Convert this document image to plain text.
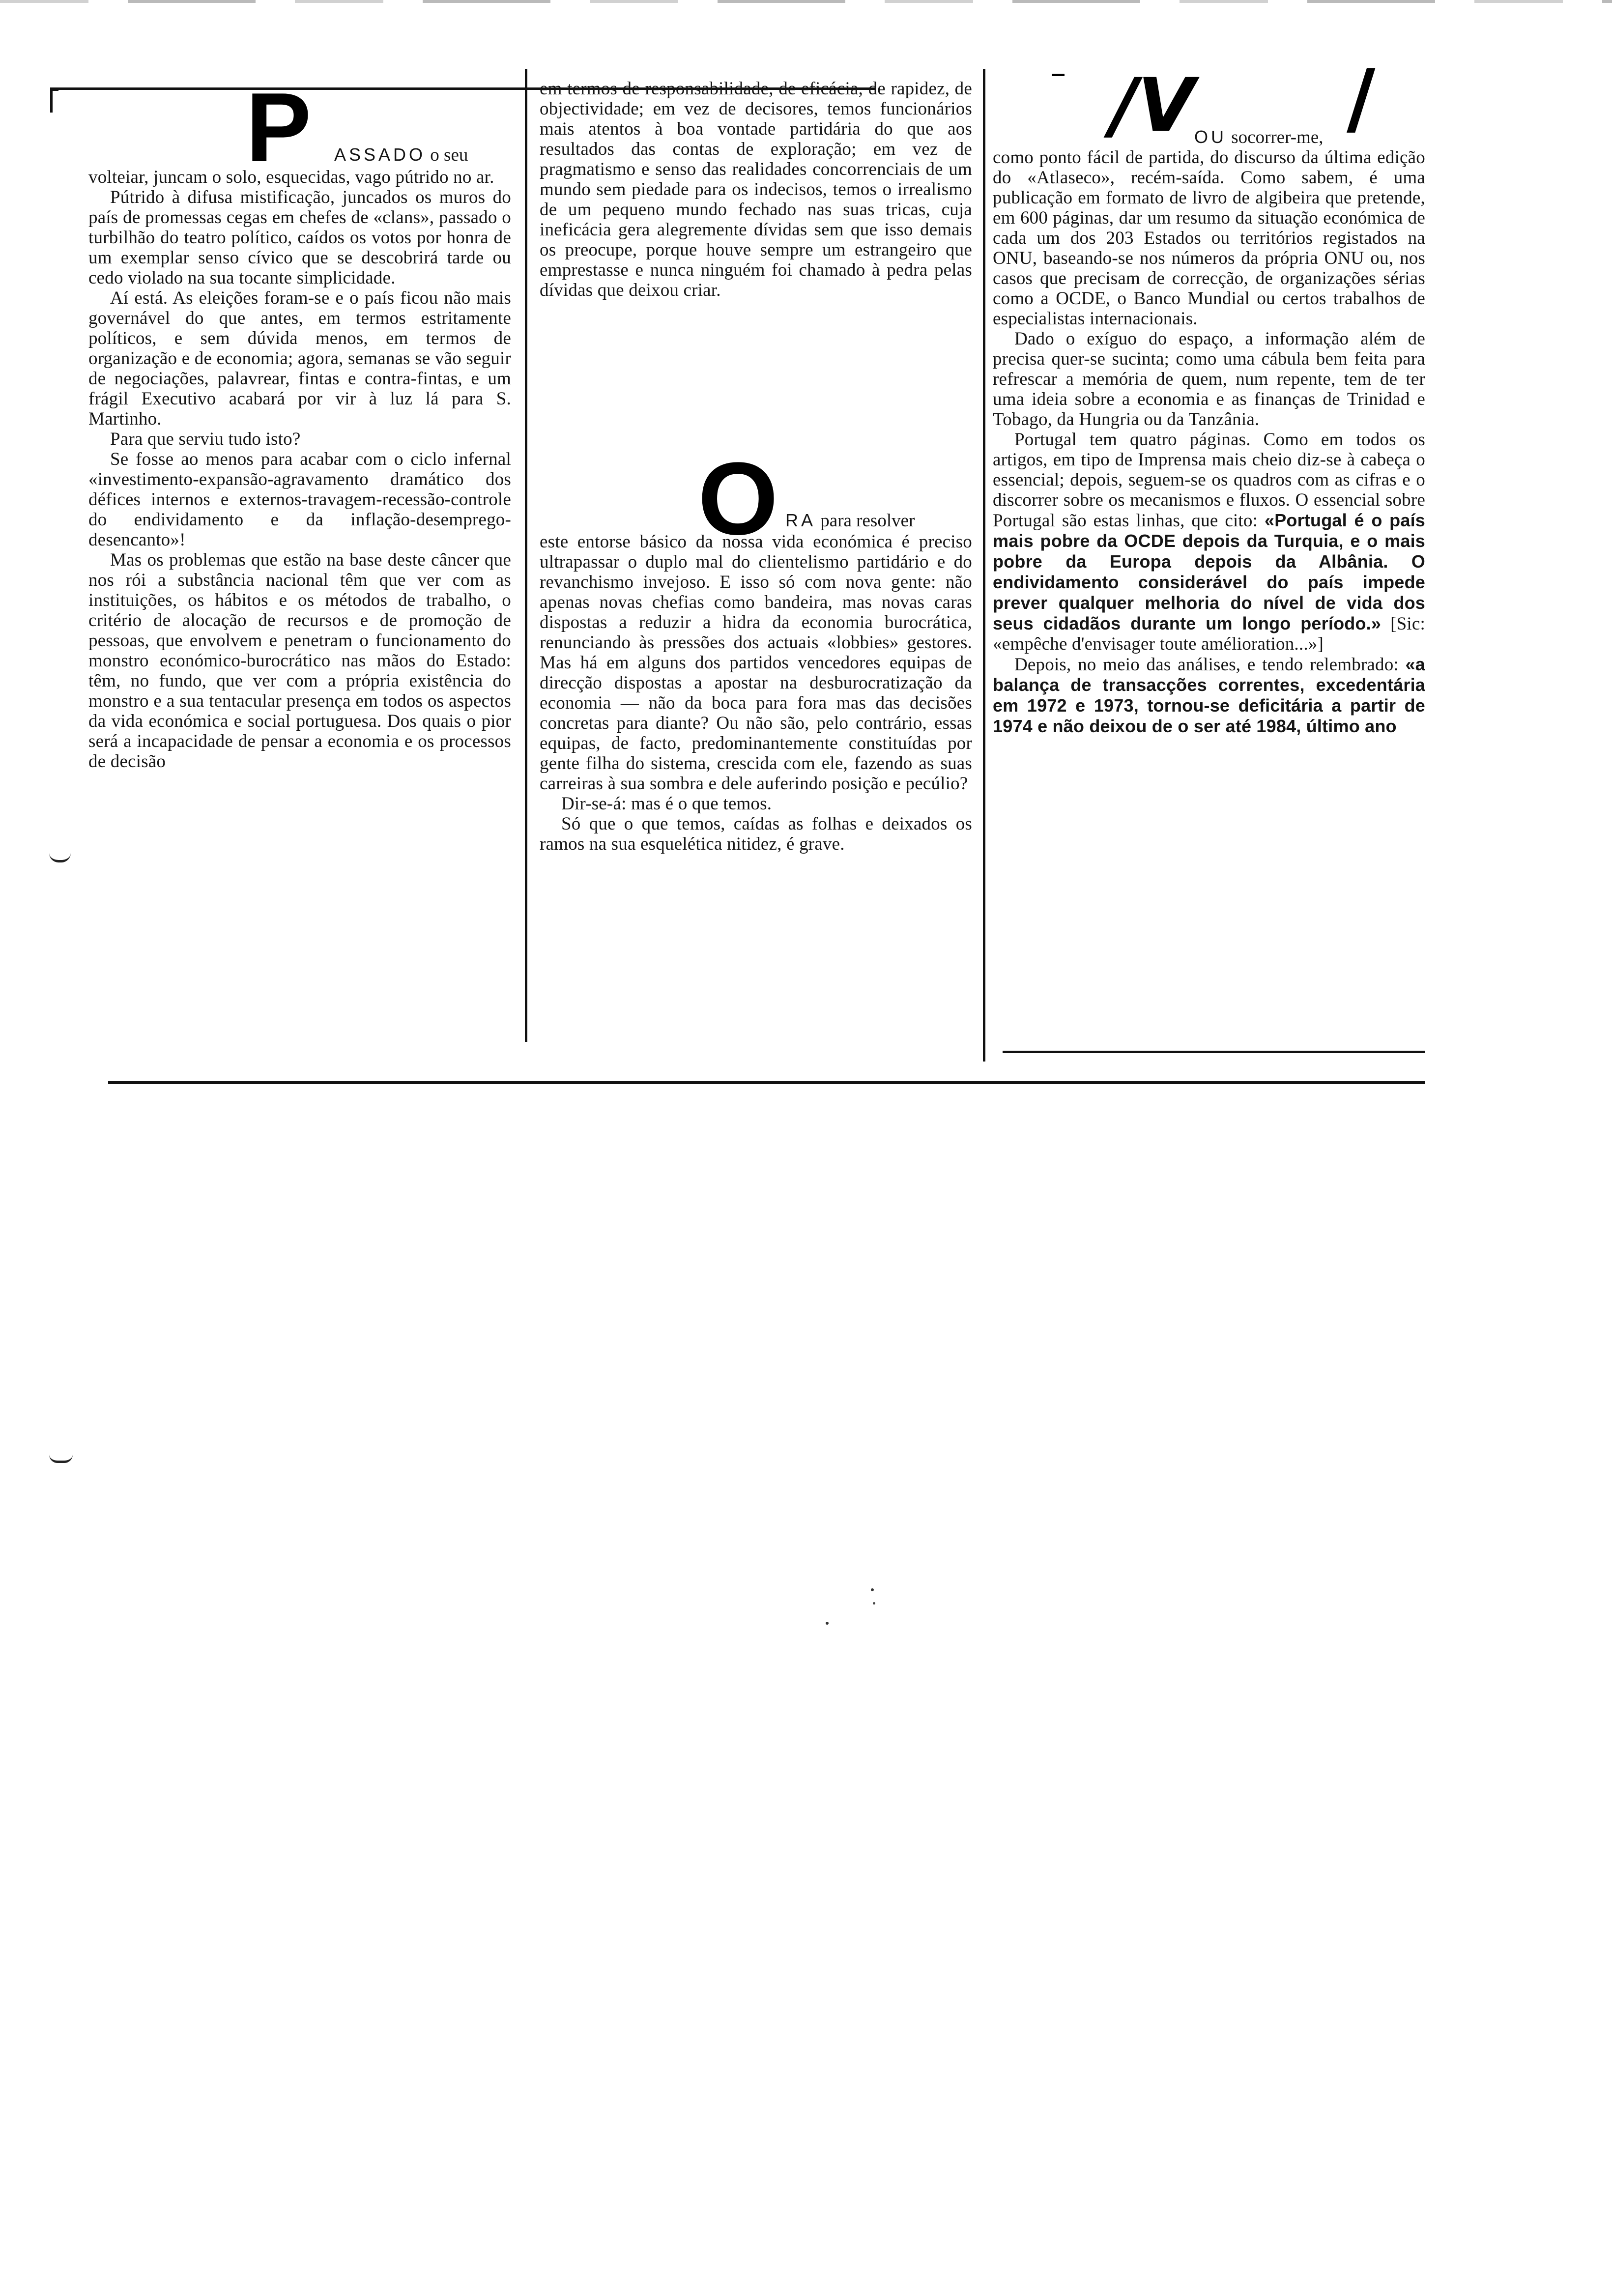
P ASSADO o seu

volteiar, juncam o solo, esquecidas, vago pútrido no ar.

Pútrido à difusa mistificação, juncados os muros do país de promessas cegas em chefes de «clans», passado o turbilhão do teatro político, caídos os votos por honra de um exemplar senso cívico que se descobrirá tarde ou cedo violado na sua tocante simplicidade.

Aí está. As eleições foram-se e o país ficou não mais governável do que antes, em termos estritamente políticos, e sem dúvida menos, em termos de organização e de economia; agora, semanas se vão seguir de negociações, palavrear, fintas e contra-fintas, e um frágil Executivo acabará por vir à luz lá para S. Martinho.

Para que serviu tudo isto?

Se fosse ao menos para acabar com o ciclo infernal «investimento-expansão-agravamento dramático dos défices internos e externos-travagem-recessão-controle do endividamento e da inflação-desemprego-desencanto»!

Mas os problemas que estão na base deste câncer que nos rói a substância nacional têm que ver com as instituições, os hábitos e os métodos de trabalho, o critério de alocação de recursos e de promoção de pessoas, que envolvem e penetram o funcionamento do monstro económico-burocrático nas mãos do Estado: têm, no fundo, que ver com a própria existência do monstro e a sua tentacular presença em todos os aspectos da vida económica e social portuguesa. Dos quais o pior será a incapacidade de pensar a economia e os processos de decisão

em termos de responsabilidade, de eficácia, de rapidez, de objectividade; em vez de decisores, temos funcionários mais atentos à boa vontade partidária do que aos resultados das contas de exploração; em vez de pragmatismo e senso das realidades concorrenciais de um mundo sem piedade para os indecisos, temos o irrealismo de um pequeno mundo fechado nas suas tricas, cuja ineficácia gera alegremente dívidas sem que isso demais os preocupe, porque houve sempre um estrangeiro que emprestasse e nunca ninguém foi chamado à pedra pelas dívidas que deixou criar.

O RA para resolver

este entorse básico da nossa vida económica é preciso ultrapassar o duplo mal do clientelismo partidário e do revanchismo invejoso. E isso só com nova gente: não apenas novas chefias como bandeira, mas novas caras dispostas a reduzir a hidra da economia burocrática, renunciando às pressões dos actuais «lobbies» gestores. Mas há em alguns dos partidos vencedores equipas de direcção dispostas a apostar na desburocratização da economia — não da boca para fora mas das decisões concretas para diante? Ou não são, pelo contrário, essas equipas, de facto, predominantemente constituídas por gente filha do sistema, crescida com ele, fazendo as suas carreiras à sua sombra e dele auferindo posição e pecúlio?

Dir-se-á: mas é o que temos.

Só que o que temos, caídas as folhas e deixados os ramos na sua esquelética nitidez, é grave.

/V /
OU socorrer-me,

como ponto fácil de partida, do discurso da última edição do «Atlaseco», recém-saída. Como sabem, é uma publicação em formato de livro de algibeira que pretende, em 600 páginas, dar um resumo da situação económica de cada um dos 203 Estados ou territórios registados na ONU, baseando-se nos números da própria ONU ou, nos casos que precisam de correcção, de organizações sérias como a OCDE, o Banco Mundial ou certos trabalhos de especialistas internacionais.

Dado o exíguo do espaço, a informação além de precisa quer-se sucinta; como uma cábula bem feita para refrescar a memória de quem, num repente, tem de ter uma ideia sobre a economia e as finanças de Trinidad e Tobago, da Hungria ou da Tanzânia.

Portugal tem quatro páginas. Como em todos os artigos, em tipo de Imprensa mais cheio diz-se à cabeça o essencial; depois, seguem-se os quadros com as cifras e o discorrer sobre os mecanismos e fluxos. O essencial sobre Portugal são estas linhas, que cito: «Portugal é o país mais pobre da OCDE depois da Turquia, e o mais pobre da Europa depois da Albânia. O endividamento considerável do país impede prever qualquer melhoria do nível de vida dos seus cidadãos durante um longo período.» [Sic: «empêche d'envisager toute amélioration...»]

Depois, no meio das análises, e tendo relembrado: «a balança de transacções correntes, excedentária em 1972 e 1973, tornou-se deficitária a partir de 1974 e não deixou de o ser até 1984, último ano
